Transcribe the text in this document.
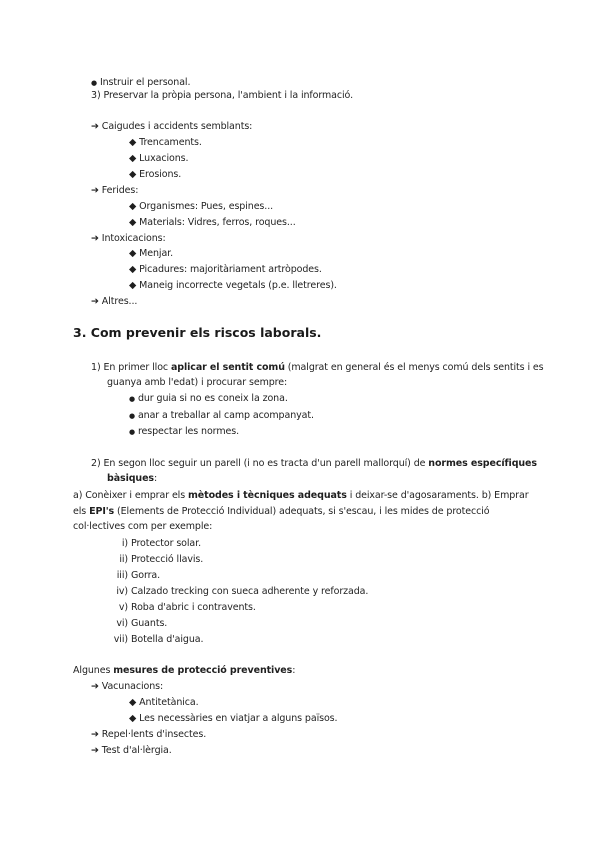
● Instruir el personal.
3) Preservar la pròpia persona, l'ambient i la informació.
➔ Caigudes i accidents semblants:
◆ Trencaments.
◆ Luxacions.
◆ Erosions.
➔ Ferides:
◆ Organismes: Pues, espines...
◆ Materials: Vidres, ferros, roques...
➔ Intoxicacions:
◆ Menjar.
◆ Picadures: majoritàriament artròpodes.
◆ Maneig incorrecte vegetals (p.e. lletreres).
➔ Altres...
3. Com prevenir els riscos laborals.
1) En primer lloc aplicar el sentit comú (malgrat en general és el menys comú dels sentits i es
guanya amb l'edat) i procurar sempre:
● dur guia si no es coneix la zona.
● anar a treballar al camp acompanyat.
● respectar les normes.
2) En segon lloc seguir un parell (i no es tracta d'un parell mallorquí) de normes específiques
bàsiques:
a) Conèixer i emprar els mètodes i tècniques adequats i deixar-se d'agosaraments. b) Emprar
els EPI's (Elements de Protecció Individual) adequats, si s'escau, i les mides de protecció
col·lectives com per exemple:
i) Protector solar.
ii) Protecció llavis.
iii) Gorra.
iv) Calzado trecking con sueca adherente y reforzada.
v) Roba d'abric i contravents.
vi) Guants.
vii) Botella d'aigua.
Algunes mesures de protecció preventives:
➔ Vacunacions:
◆ Antitetànica.
◆ Les necessàries en viatjar a alguns països.
➔ Repel·lents d'insectes.
➔ Test d'al·lèrgia.
